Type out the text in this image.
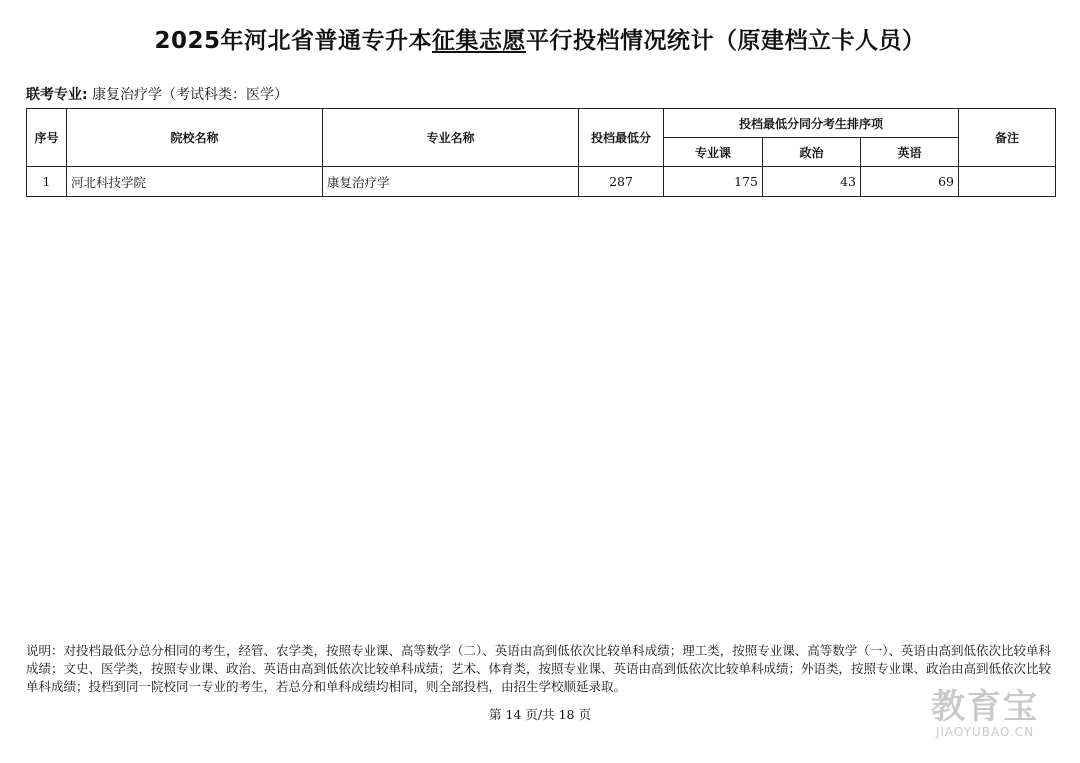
2025年河北省普通专升本征集志愿平行投档情况统计（原建档立卡人员）
联考专业: 康复治疗学（考试科类：医学）
序号	院校名称	专业名称	投档最低分	投档最低分同分考生排序项			备注
				专业课	政治	英语	
1	河北科技学院	康复治疗学	287	175	43	69	
说明：对投档最低分总分相同的考生，经管、农学类，按照专业课、高等数学（二）、英语由高到低依次比较单科成绩；理工类，按照专业课、高等数学（一）、英语由高到低依次比较单科成绩；文史、医学类，按照专业课、政治、英语由高到低依次比较单科成绩；艺术、体育类，按照专业课、英语由高到低依次比较单科成绩；外语类，按照专业课、政治由高到低依次比较单科成绩；投档到同一院校同一专业的考生，若总分和单科成绩均相同，则全部投档，由招生学校顺延录取。
第 14 页/共 18 页	教育宝
JIAOYUBAO.CN
